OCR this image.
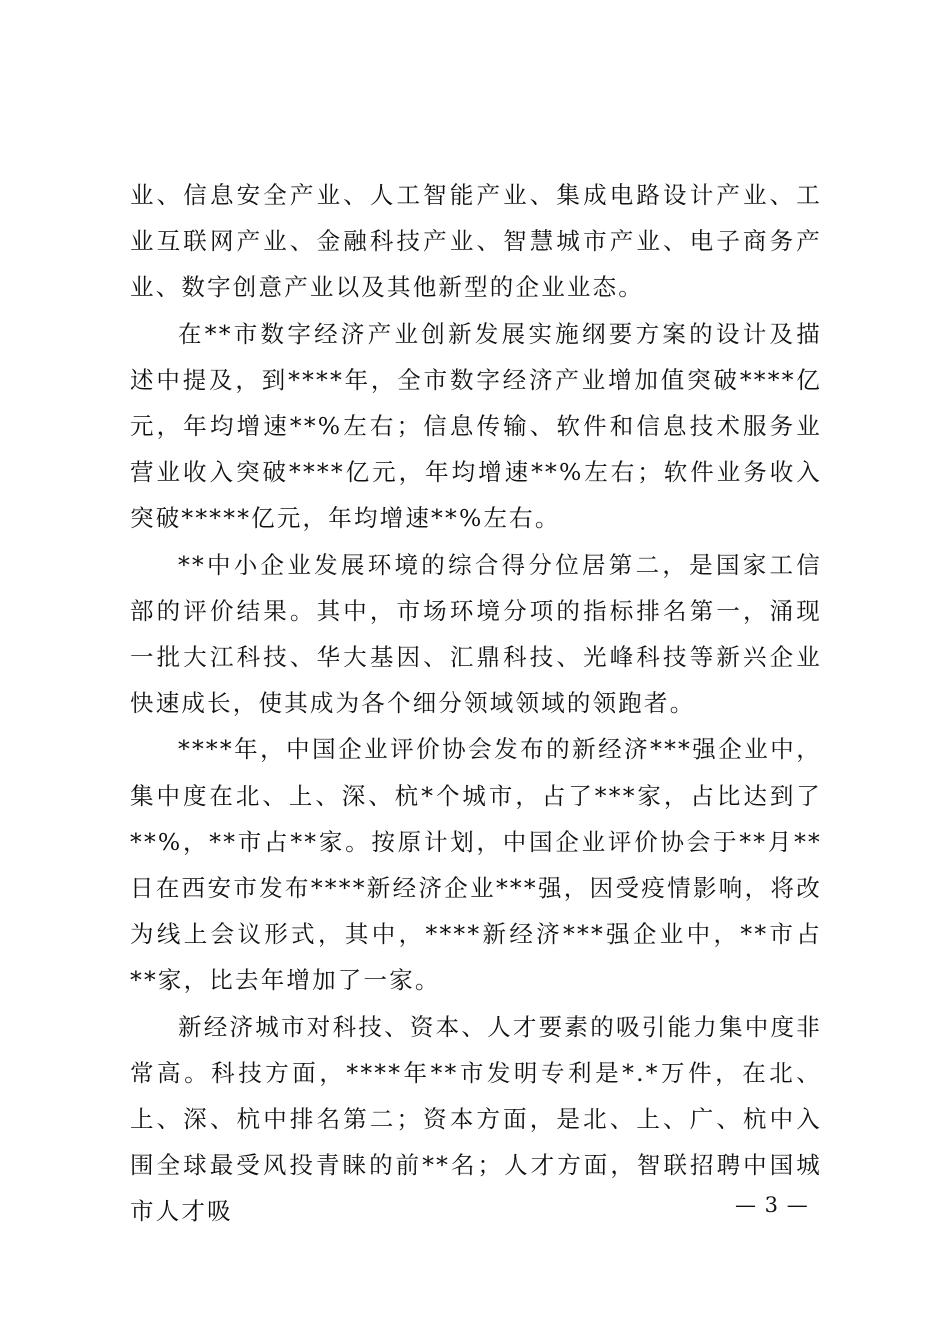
业、信息安全产业、人工智能产业、集成电路设计产业、工业互联网产业、金融科技产业、智慧城市产业、电子商务产业、数字创意产业以及其他新型的企业业态。

在**市数字经济产业创新发展实施纲要方案的设计及描述中提及，到****年，全市数字经济产业增加值突破****亿元，年均增速**%左右；信息传输、软件和信息技术服务业营业收入突破****亿元，年均增速**%左右；软件业务收入突破*****亿元，年均增速**%左右。

**中小企业发展环境的综合得分位居第二，是国家工信部的评价结果。其中，市场环境分项的指标排名第一，涌现一批大江科技、华大基因、汇鼎科技、光峰科技等新兴企业快速成长，使其成为各个细分领域领域的领跑者。

****年，中国企业评价协会发布的新经济***强企业中，集中度在北、上、深、杭*个城市，占了***家，占比达到了**%，**市占**家。按原计划，中国企业评价协会于**月**日在西安市发布****新经济企业***强，因受疫情影响，将改为线上会议形式，其中，****新经济***强企业中，**市占**家，比去年增加了一家。

新经济城市对科技、资本、人才要素的吸引能力集中度非常高。科技方面，****年**市发明专利是*.*万件，在北、上、深、杭中排名第二；资本方面，是北、上、广、杭中入围全球最受风投青睐的前**名；人才方面，智联招聘中国城市人才吸	— 3 —
